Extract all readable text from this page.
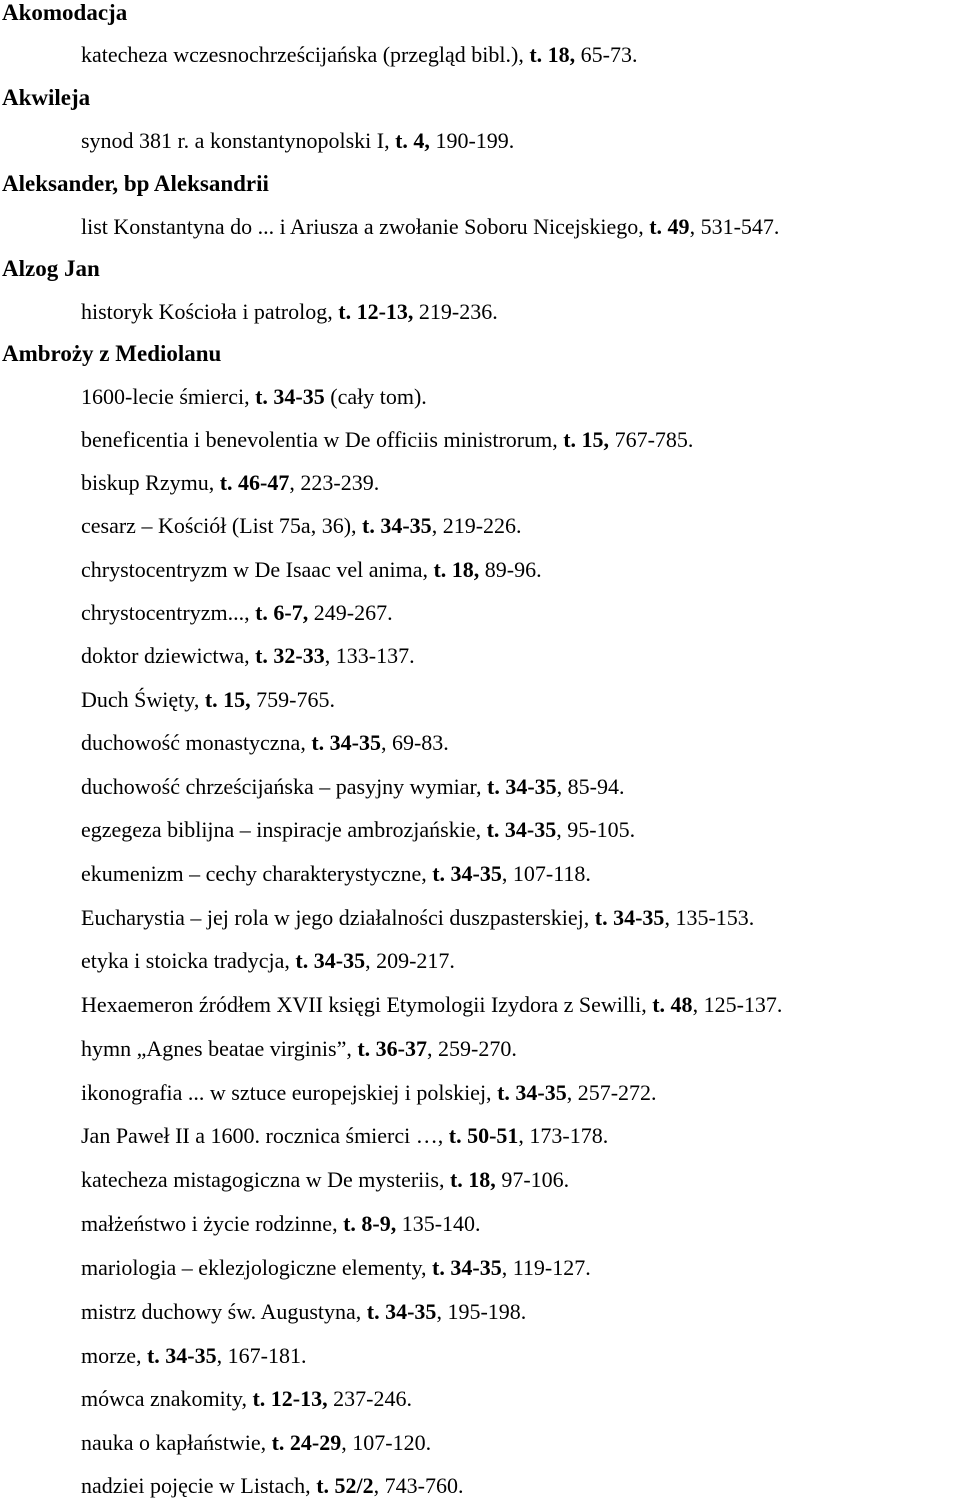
Akomodacja
katecheza wczesnochrześcijańska (przegląd bibl.), t. 18, 65-73.
Akwileja
synod 381 r. a konstantynopolski I, t. 4, 190-199.
Aleksander, bp Aleksandrii
list Konstantyna do ... i Ariusza a zwołanie Soboru Nicejskiego, t. 49, 531-547.
Alzog Jan
historyk Kościoła i patrolog, t. 12-13, 219-236.
Ambroży z Mediolanu
1600-lecie śmierci, t. 34-35 (cały tom).
beneficentia i benevolentia w De officiis ministrorum, t. 15, 767-785.
biskup Rzymu, t. 46-47, 223-239.
cesarz – Kościół (List 75a, 36), t. 34-35, 219-226.
chrystocentryzm w De Isaac vel anima, t. 18, 89-96.
chrystocentryzm..., t. 6-7, 249-267.
doktor dziewictwa, t. 32-33, 133-137.
Duch Święty, t. 15, 759-765.
duchowość monastyczna, t. 34-35, 69-83.
duchowość chrześcijańska – pasyjny wymiar, t. 34-35, 85-94.
egzegeza biblijna – inspiracje ambrozjańskie, t. 34-35, 95-105.
ekumenizm – cechy charakterystyczne, t. 34-35, 107-118.
Eucharystia – jej rola w jego działalności duszpasterskiej, t. 34-35, 135-153.
etyka i stoicka tradycja, t. 34-35, 209-217.
Hexaemeron źródłem XVII księgi Etymologii Izydora z Sewilli, t. 48, 125-137.
hymn „Agnes beatae virginis”, t. 36-37, 259-270.
ikonografia ... w sztuce europejskiej i polskiej, t. 34-35, 257-272.
Jan Paweł II a 1600. rocznica śmierci …, t. 50-51, 173-178.
katecheza mistagogiczna w De mysteriis, t. 18, 97-106.
małżeństwo i życie rodzinne, t. 8-9, 135-140.
mariologia – eklezjologiczne elementy, t. 34-35, 119-127.
mistrz duchowy św. Augustyna, t. 34-35, 195-198.
morze, t. 34-35, 167-181.
mówca znakomity, t. 12-13, 237-246.
nauka o kapłaństwie, t. 24-29, 107-120.
nadziei pojęcie w Listach, t. 52/2, 743-760.
